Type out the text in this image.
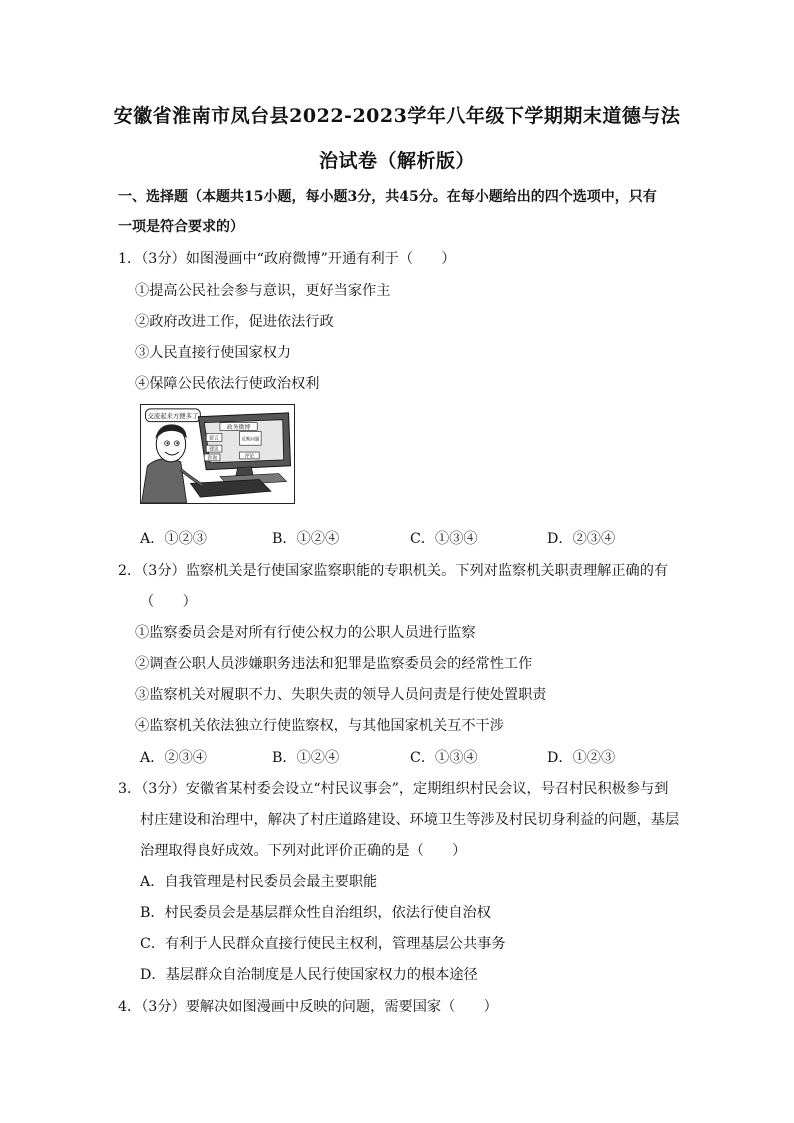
安徽省淮南市凤台县2022-2023学年八年级下学期期末道德与法
治试卷（解析版）
一、选择题（本题共15小题，每小题3分，共45分。在每小题给出的四个选项中，只有
一项是符合要求的）
1．（3分）如图漫画中“政府微博”开通有利于（　　）
①提高公民社会参与意识，更好当家作主
②政府改进工作，促进依法行政
③人民直接行使国家权力
④保障公民依法行使政治权利
交流起来方便多了
政务微博
留言	反映问题
建议
咨询	评论
A．①②③	B．①②④	C．①③④	D．②③④
2．（3分）监察机关是行使国家监察职能的专职机关。下列对监察机关职责理解正确的有
（　　）
①监察委员会是对所有行使公权力的公职人员进行监察
②调查公职人员涉嫌职务违法和犯罪是监察委员会的经常性工作
③监察机关对履职不力、失职失责的领导人员问责是行使处置职责
④监察机关依法独立行使监察权，与其他国家机关互不干涉
A．②③④	B．①②④	C．①③④	D．①②③
3．（3分）安徽省某村委会设立“村民议事会”，定期组织村民会议，号召村民积极参与到
村庄建设和治理中，解决了村庄道路建设、环境卫生等涉及村民切身利益的问题，基层
治理取得良好成效。下列对此评价正确的是（　　）
A．自我管理是村民委员会最主要职能
B．村民委员会是基层群众性自治组织，依法行使自治权
C．有利于人民群众直接行使民主权利，管理基层公共事务
D．基层群众自治制度是人民行使国家权力的根本途径
4．（3分）要解决如图漫画中反映的问题，需要国家（　　）
